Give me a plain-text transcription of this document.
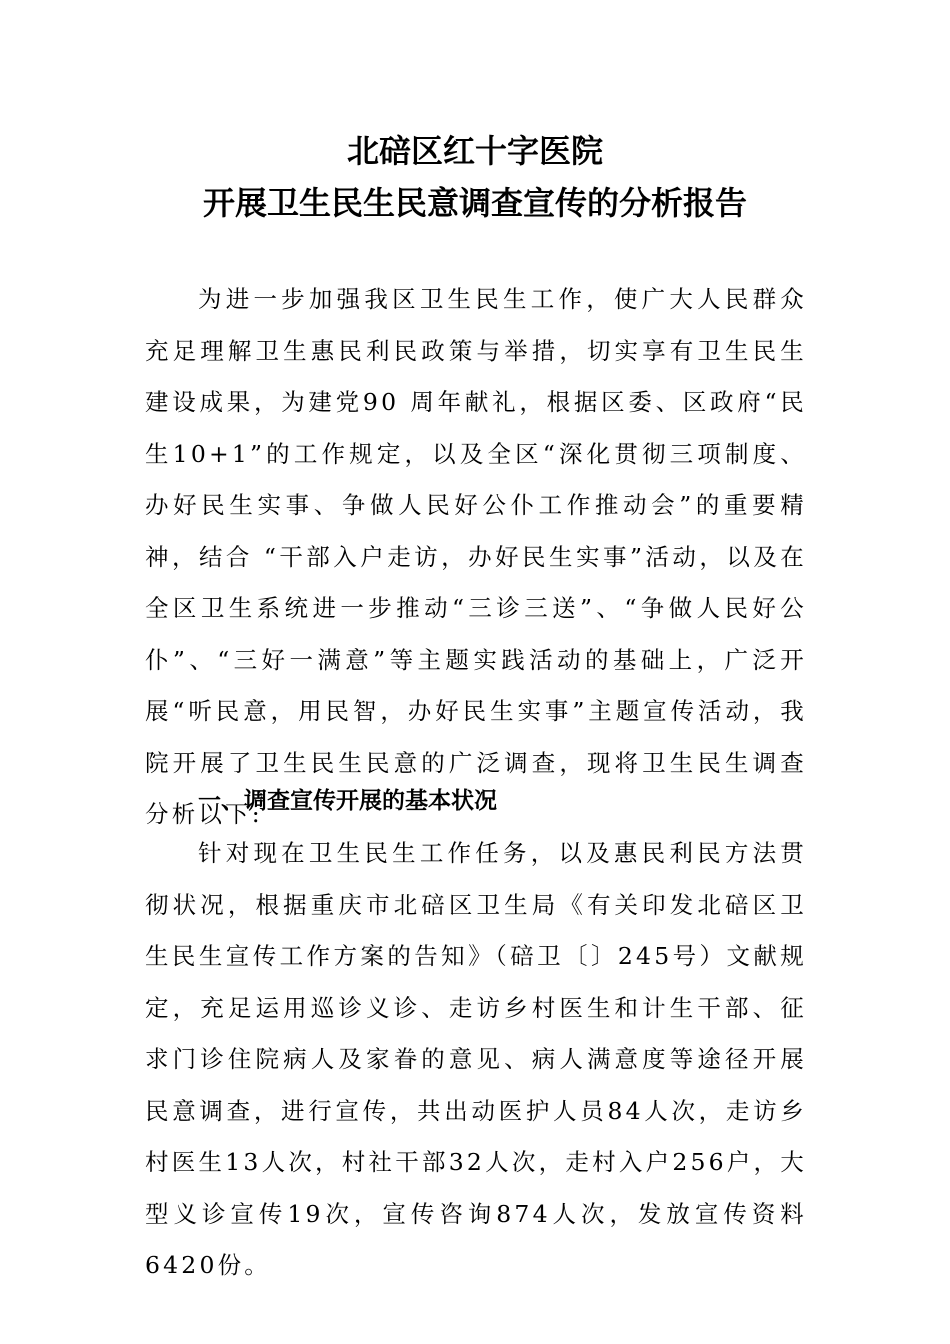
北碚区红十字医院
开展卫生民生民意调查宣传的分析报告

为进一步加强我区卫生民生工作，使广大人民群众充足理解卫生惠民利民政策与举措，切实享有卫生民生建设成果，为建党90 周年献礼，根据区委、区政府“民生10+1”的工作规定，以及全区“深化贯彻三项制度、办好民生实事、争做人民好公仆工作推动会”的重要精神，结合 “干部入户走访，办好民生实事”活动，以及在全区卫生系统进一步推动“三诊三送”、“争做人民好公仆”、“三好一满意”等主题实践活动的基础上，广泛开展“听民意，用民智，办好民生实事”主题宣传活动，我院开展了卫生民生民意的广泛调查，现将卫生民生调查分析以下:

一、调查宣传开展的基本状况

针对现在卫生民生工作任务，以及惠民利民方法贯彻状况，根据重庆市北碚区卫生局《有关印发北碚区卫生民生宣传工作方案的告知》（碚卫〔〕245号）文献规定，充足运用巡诊义诊、走访乡村医生和计生干部、征求门诊住院病人及家眷的意见、病人满意度等途径开展民意调查，进行宣传，共出动医护人员84人次，走访乡村医生13人次，村社干部32人次，走村入户256户，大型义诊宣传19次，宣传咨询874人次，发放宣传资料6420份。
